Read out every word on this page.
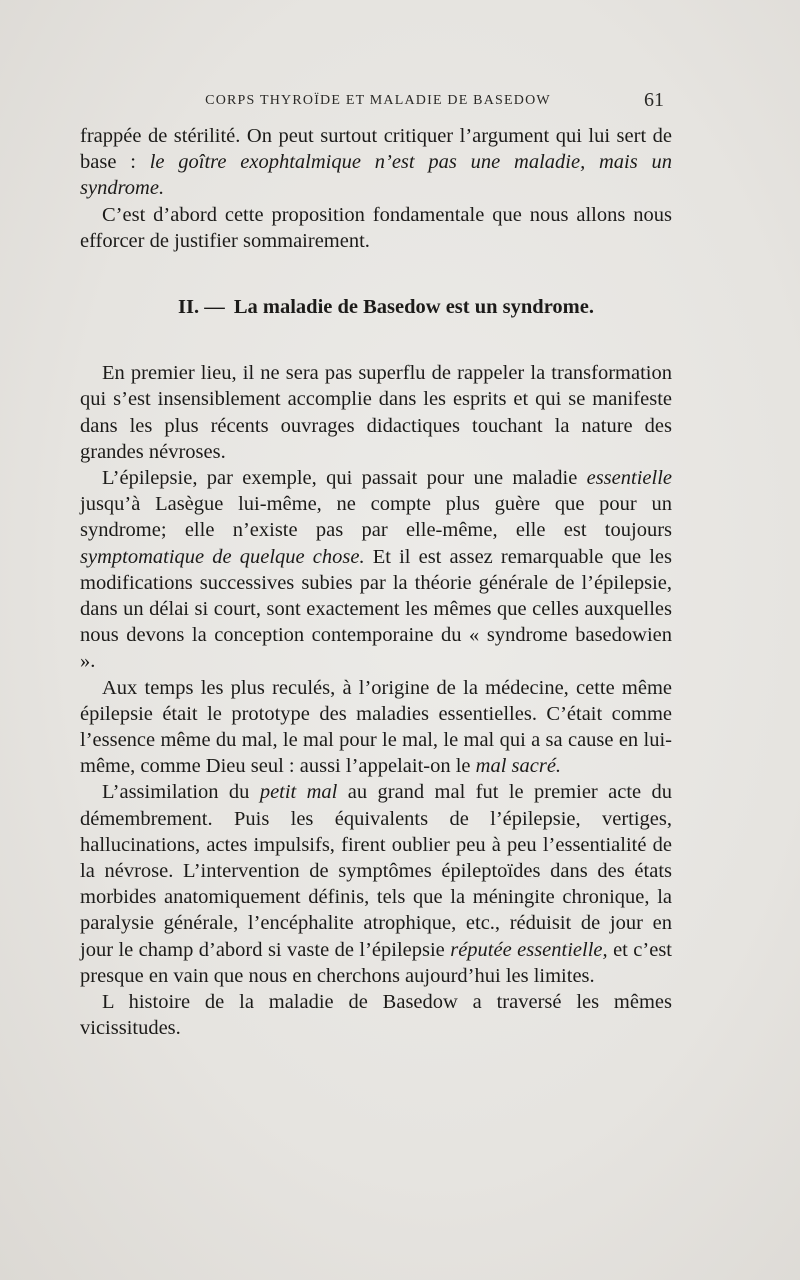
CORPS THYROÏDE ET MALADIE DE BASEDOW	61

frappée de stérilité. On peut surtout critiquer l’argument qui lui sert de base : le goître exophtalmique n’est pas une maladie, mais un syndrome.

C’est d’abord cette proposition fondamentale que nous allons nous efforcer de justifier sommairement.

II. — La maladie de Basedow est un syndrome.

En premier lieu, il ne sera pas superflu de rappeler la transformation qui s’est insensiblement accomplie dans les esprits et qui se manifeste dans les plus récents ouvrages didactiques touchant la nature des grandes névroses.

L’épilepsie, par exemple, qui passait pour une maladie essentielle jusqu’à Lasègue lui-même, ne compte plus guère que pour un syndrome; elle n’existe pas par elle-même, elle est toujours symptomatique de quelque chose. Et il est assez remarquable que les modifications successives subies par la théorie générale de l’épilepsie, dans un délai si court, sont exactement les mêmes que celles auxquelles nous devons la conception contemporaine du « syndrome basedowien ».

Aux temps les plus reculés, à l’origine de la médecine, cette même épilepsie était le prototype des maladies essentielles. C’était comme l’essence même du mal, le mal pour le mal, le mal qui a sa cause en lui-même, comme Dieu seul : aussi l’appelait-on le mal sacré.

L’assimilation du petit mal au grand mal fut le premier acte du démembrement. Puis les équivalents de l’épilepsie, vertiges, hallucinations, actes impulsifs, firent oublier peu à peu l’essentialité de la névrose. L’intervention de symptômes épileptoïdes dans des états morbides anatomiquement définis, tels que la méningite chronique, la paralysie générale, l’encéphalite atrophique, etc., réduisit de jour en jour le champ d’abord si vaste de l’épilepsie réputée essentielle, et c’est presque en vain que nous en cherchons aujourd’hui les limites.

L histoire de la maladie de Basedow a traversé les mêmes vicissitudes.
